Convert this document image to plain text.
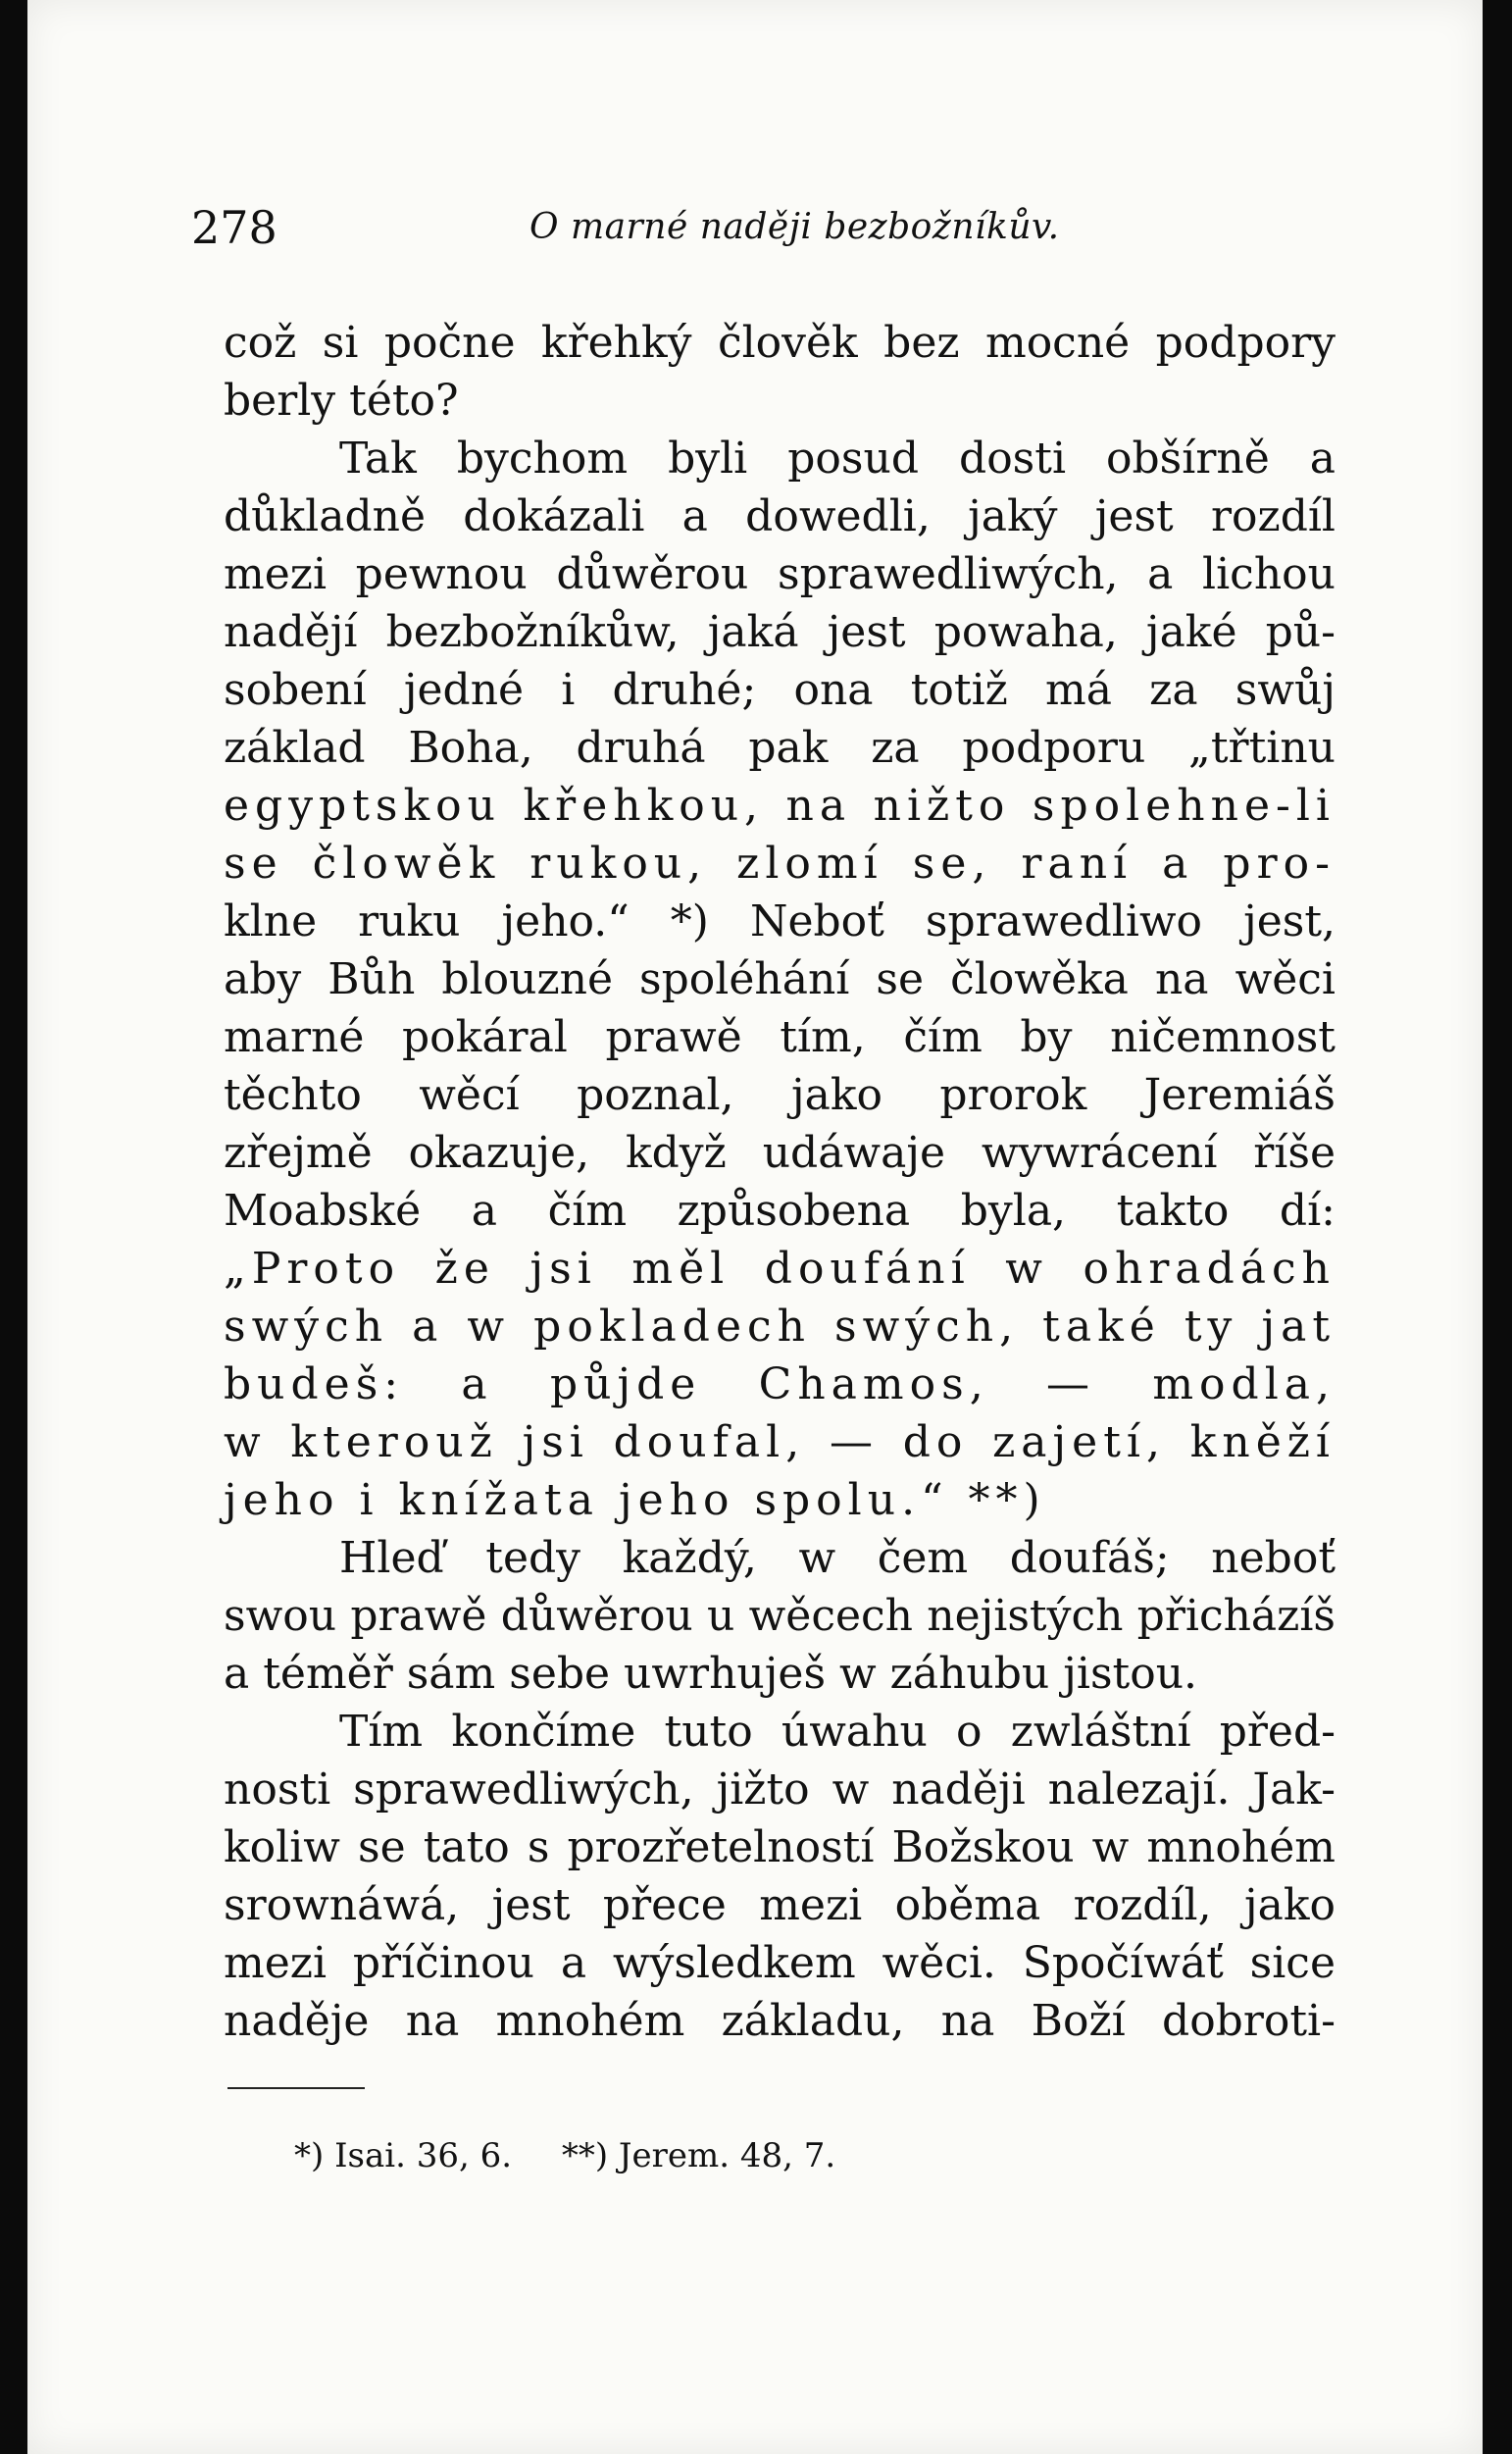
278	O marné naději bezbožníkův.
což si počne křehký člověk bez mocné podpory
berly této?
Tak bychom byli posud dosti obšírně a
důkladně dokázali a dowedli, jaký jest rozdíl
mezi pewnou důwěrou sprawedliwých, a lichou
nadějí bezbožníkůw, jaká jest powaha, jaké pů-
sobení jedné i druhé; ona totiž má za swůj
základ Boha, druhá pak za podporu „třtinu
egyptskou křehkou, na nižto spolehne-li
se člowěk rukou, zlomí se, raní a pro-
klne ruku jeho.“ *) Neboť sprawedliwo jest,
aby Bůh blouzné spoléhání se člowěka na wěci
marné pokáral prawě tím, čím by ničemnost
těchto wěcí poznal, jako prorok Jeremiáš
zřejmě okazuje, když udáwaje wywrácení říše
Moabské a čím způsobena byla, takto dí:
„Proto že jsi měl doufání w ohradách
swých a w pokladech swých, také ty jat
budeš: a půjde Chamos, — modla,
w kterouž jsi doufal, — do zajetí, kněží
jeho i knížata jeho spolu.“ **)
Hleď tedy každý, w čem doufáš; neboť
swou prawě důwěrou u wěcech nejistých přicházíš
a téměř sám sebe uwrhuješ w záhubu jistou.
Tím končíme tuto úwahu o zwláštní před-
nosti sprawedliwých, jižto w naději nalezají. Jak-
koliw se tato s prozřetelností Božskou w mnohém
srownáwá, jest přece mezi oběma rozdíl, jako
mezi příčinou a wýsledkem wěci. Spočíwáť sice
naděje na mnohém základu, na Boží dobroti-
*) Isai. 36, 6. **) Jerem. 48, 7.
